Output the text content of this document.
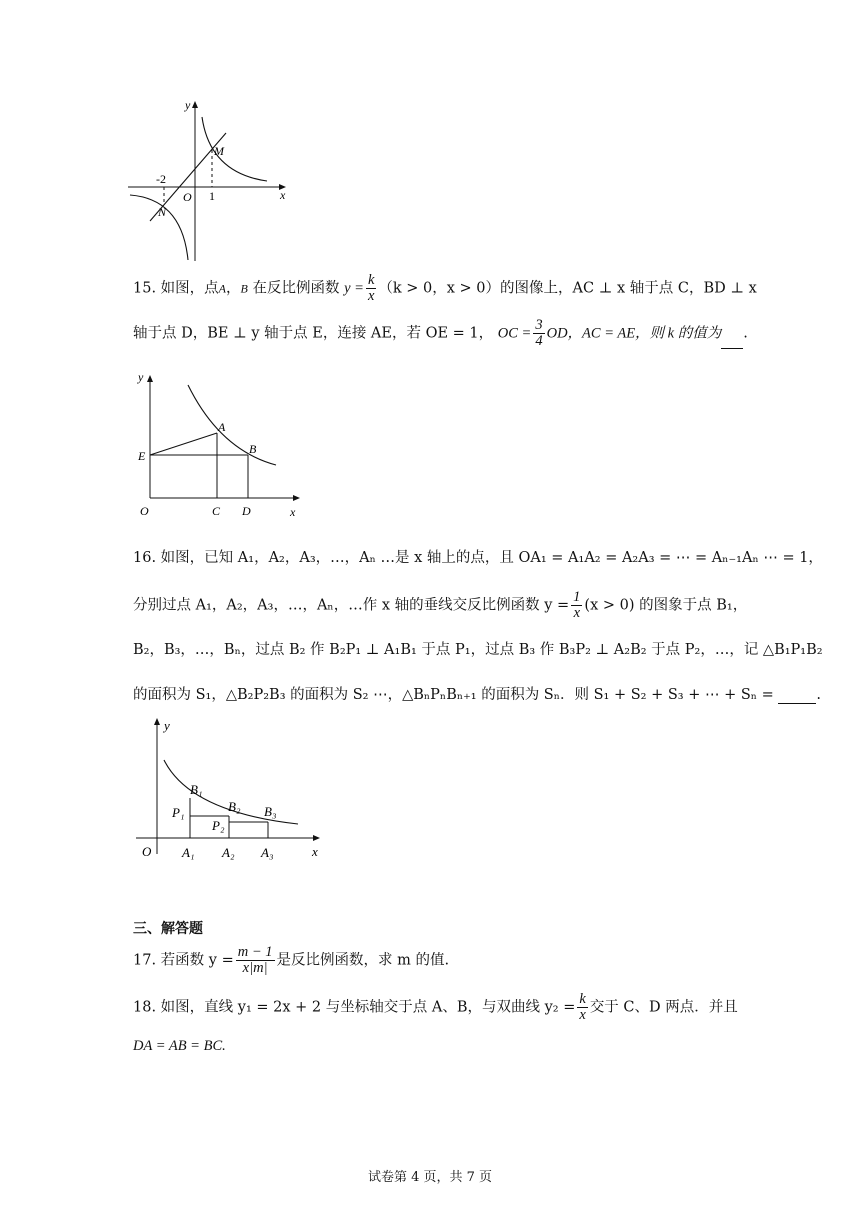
y
x
O
M
N
-2
1
15. 如图，点A，B 在反比例函数 $y = \frac{k}{x} (k > 0$，x > 0）的图像上，AC ⊥ x 轴于点 C，BD ⊥ x
轴于点 D，BE ⊥ y 轴于点 E，连接 AE，若 OE = 1， OC = $\frac{3}{4}$ OD，AC = AE，则 k 的值为 .
y
x
O
A
B
C D
E
16. 如图，已知 A₁，A₂，A₃，…，Aₙ …是 x 轴上的点，且 OA₁ = A₁A₂ = A₂A₃ = ⋯ = Aₙ₋₁Aₙ ⋯ = 1，
分别过点 A₁，A₂，A₃，…，Aₙ，…作 x 轴的垂线交反比例函数 $y = \frac{1}{x} (x > 0)$ 的图象于点 B₁，
B₂，B₃，…，Bₙ，过点 B₂ 作 B₂P₁ ⊥ A₁B₁ 于点 P₁，过点 B₃ 作 B₃P₂ ⊥ A₂B₂ 于点 P₂，…，记 △B₁P₁B₂
的面积为 S₁，△B₂P₂B₃ 的面积为 S₂ ⋯，△BₙPₙBₙ₊₁ 的面积为 Sₙ．则 S₁ + S₂ + S₃ + ⋯ + Sₙ =	.
y
x
O
B₁
B₂ B₃
P₁
P₂
A₁ A₂ A₃
三、解答题
17. 若函数 $y = \frac{m - 1}{x|m|}$ 是反比例函数，求 m 的值.
18. 如图，直线 y₁ = 2x + 2 与坐标轴交于点 A、B，与双曲线 $y_2 = \frac{k}{x}$ 交于 C、D 两点．并且
DA = AB = BC.
试卷第 4 页，共 7 页
